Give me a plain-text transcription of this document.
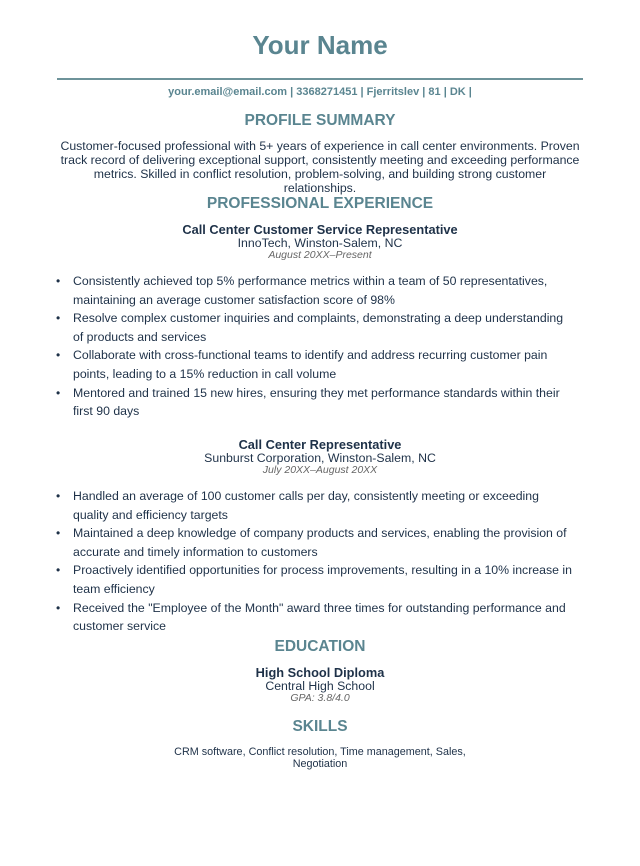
Your Name
your.email@email.com | 3368271451 | Fjerritslev | 81 | DK |
PROFILE SUMMARY

Customer-focused professional with 5+ years of experience in call center environments. Proven track record of delivering exceptional support, consistently meeting and exceeding performance metrics. Skilled in conflict resolution, problem-solving, and building strong customer relationships.

PROFESSIONAL EXPERIENCE
Call Center Customer Service Representative
InnoTech, Winston-Salem, NC
August 20XX–Present
• Consistently achieved top 5% performance metrics within a team of 50 representatives, maintaining an average customer satisfaction score of 98%
• Resolve complex customer inquiries and complaints, demonstrating a deep understanding of products and services
• Collaborate with cross-functional teams to identify and address recurring customer pain points, leading to a 15% reduction in call volume
• Mentored and trained 15 new hires, ensuring they met performance standards within their first 90 days
Call Center Representative
Sunburst Corporation, Winston-Salem, NC
July 20XX–August 20XX
• Handled an average of 100 customer calls per day, consistently meeting or exceeding quality and efficiency targets
• Maintained a deep knowledge of company products and services, enabling the provision of accurate and timely information to customers
• Proactively identified opportunities for process improvements, resulting in a 10% increase in team efficiency
• Received the "Employee of the Month" award three times for outstanding performance and customer service
EDUCATION
High School Diploma
Central High School
GPA: 3.8/4.0
SKILLS

CRM software, Conflict resolution, Time management, Sales, Negotiation
